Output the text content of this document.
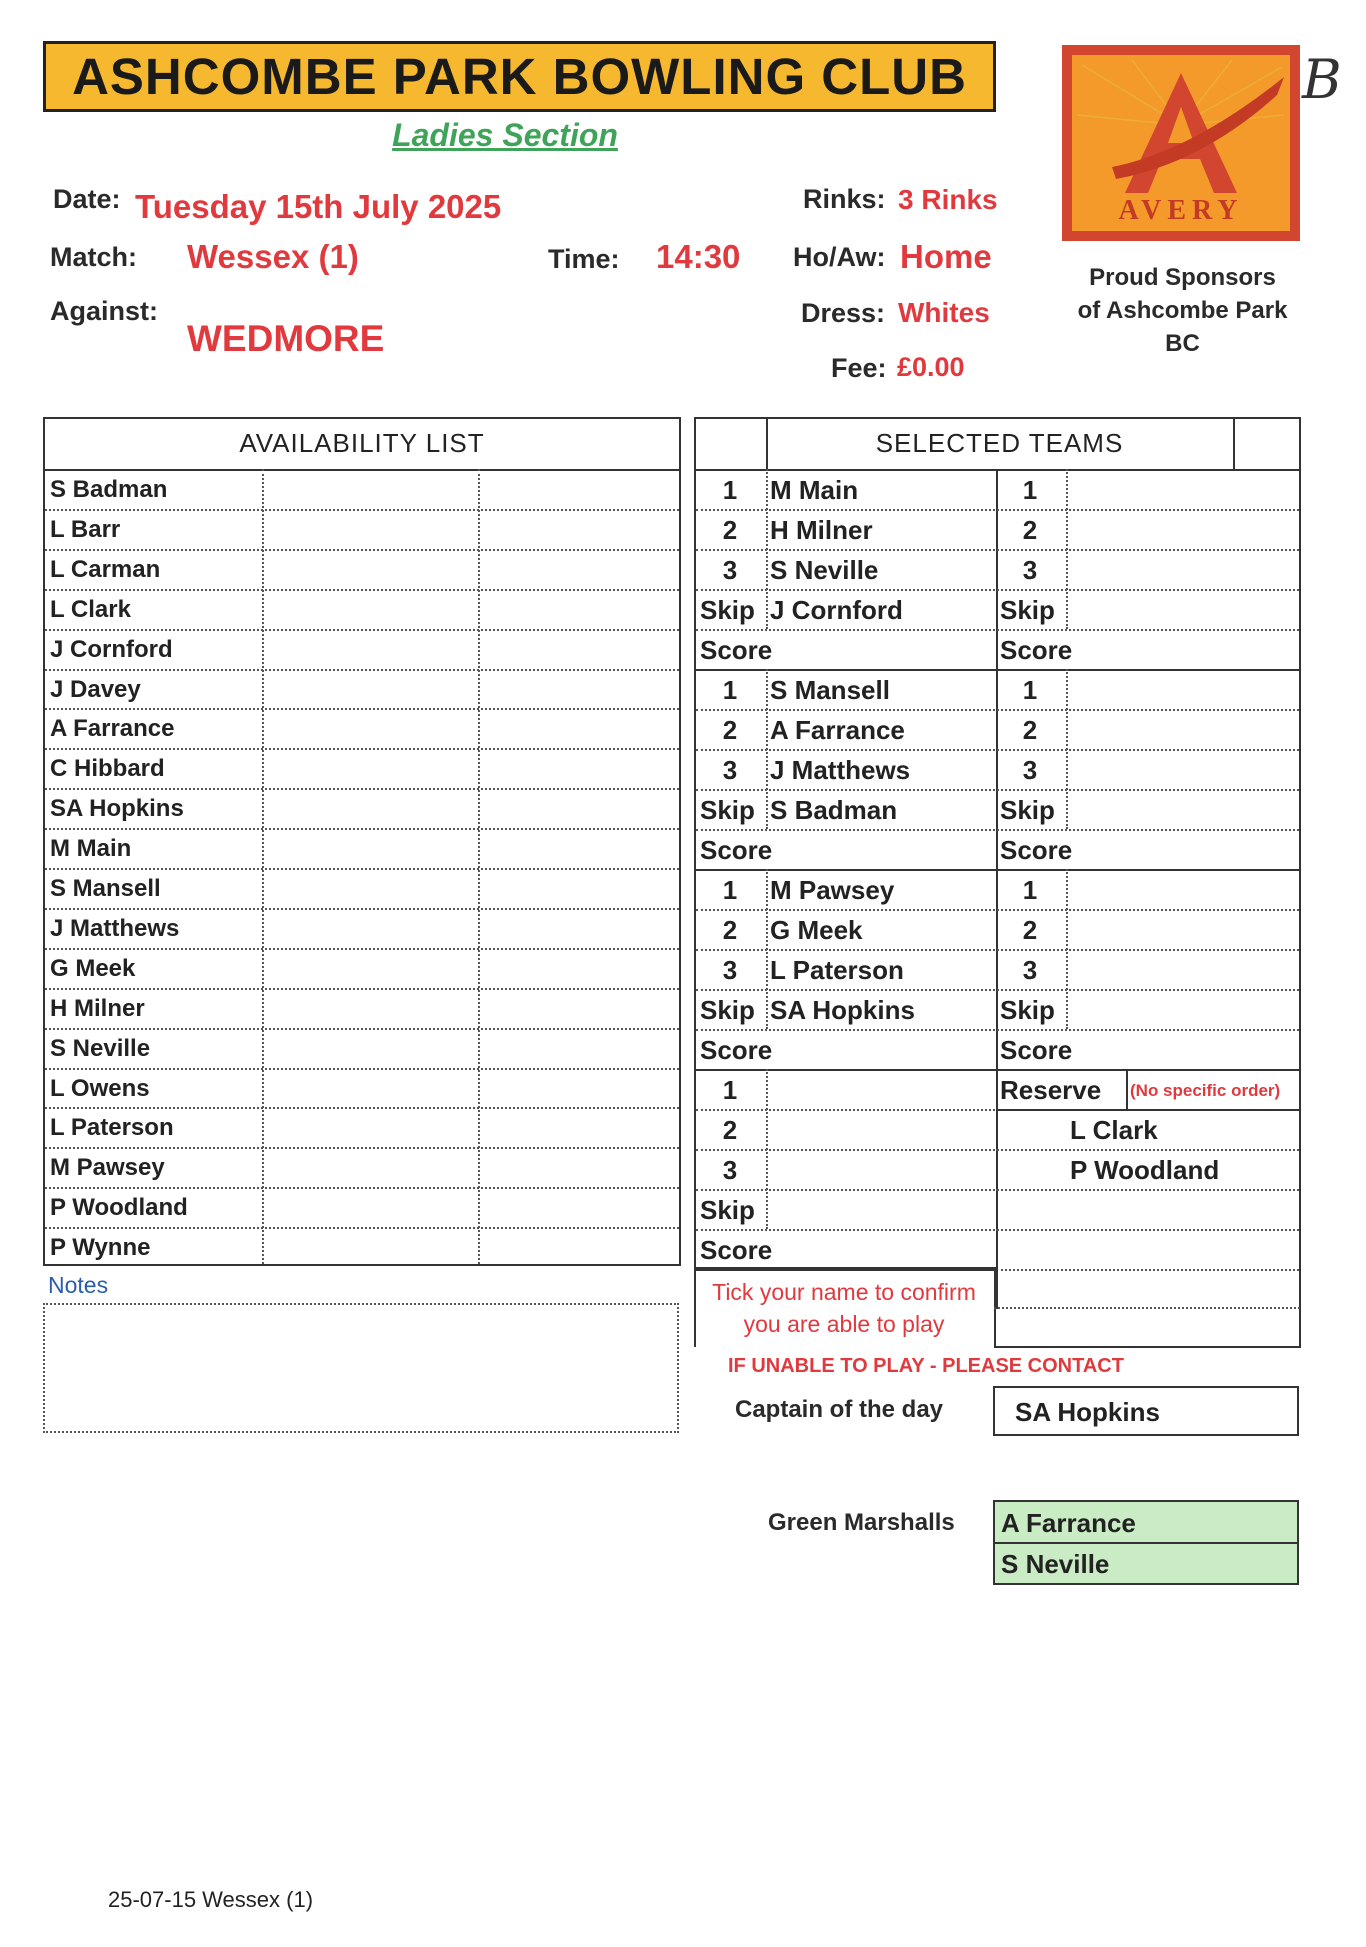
ASHCOMBE PARK BOWLING CLUB
Ladies Section
Date: Tuesday 15th July 2025
Match: Wessex (1)	Time: 14:30
Against:
WEDMORE
Rinks: 3 Rinks
Ho/Aw: Home
Dress: Whites
Fee: £0.00
AVERY
Proud Sponsors
of Ashcombe Park
BC
B
AVAILABILITY LIST
S Badman
L Barr
L Carman
L Clark
J Cornford
J Davey
A Farrance
C Hibbard
SA Hopkins
M Main
S Mansell
J Matthews
G Meek
H Milner
S Neville
L Owens
L Paterson
M Pawsey
P Woodland
P Wynne
SELECTED TEAMS
1	M Main	1
2	H Milner	2
3	S Neville	3
Skip J Cornford	Skip
Score	Score
1	S Mansell	1
2	A Farrance	2
3	J Matthews	3
Skip S Badman	Skip
Score	Score
1	M Pawsey	1
2	G Meek	2
3	L Paterson	3
Skip SA Hopkins	Skip
Score	Score
1
2
3
Skip
Score
Reserve (No specific order)
L Clark
P Woodland
Notes	Tick your name to confirm
you are able to play
IF UNABLE TO PLAY - PLEASE CONTACT
Captain of the day	SA Hopkins
Green Marshalls A Farrance
S Neville
25-07-15 Wessex (1)
